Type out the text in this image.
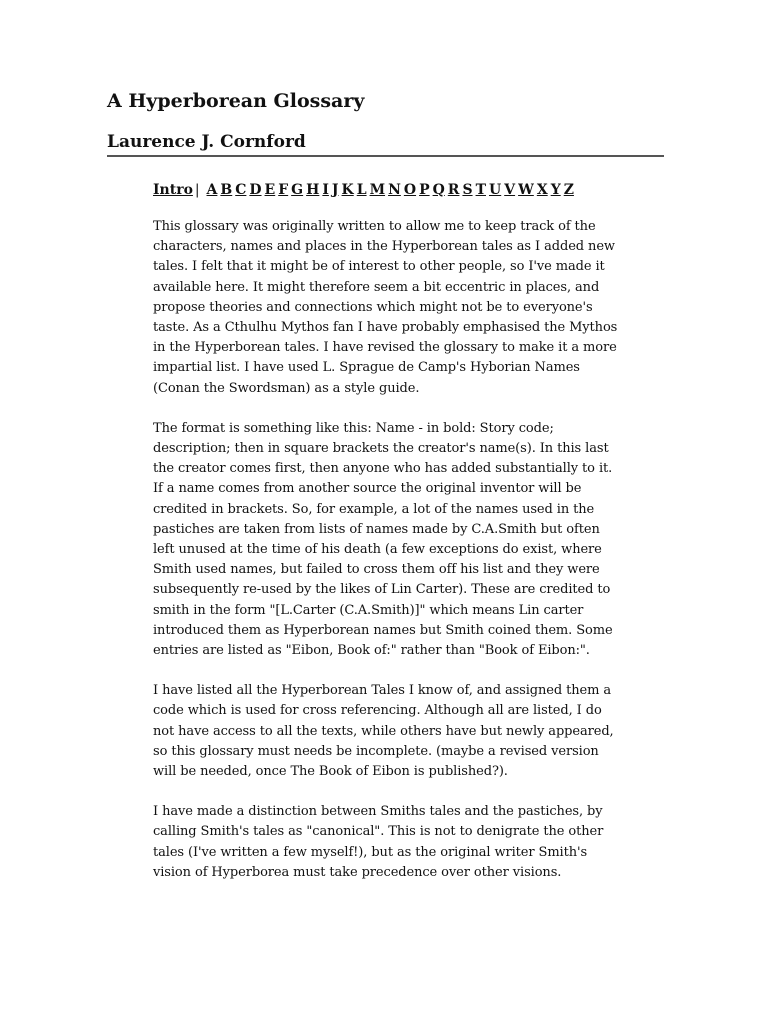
A Hyperborean Glossary
Laurence J. Cornford
Intro | A B C D E F G H I J K L M N O P Q R S T U V W X Y Z

This glossary was originally written to allow me to keep track of the characters, names and places in the Hyperborean tales as I added new tales. I felt that it might be of interest to other people, so I've made it available here. It might therefore seem a bit eccentric in places, and propose theories and connections which might not be to everyone's taste. As a Cthulhu Mythos fan I have probably emphasised the Mythos in the Hyperborean tales. I have revised the glossary to make it a more impartial list. I have used L. Sprague de Camp's Hyborian Names (Conan the Swordsman) as a style guide.

The format is something like this: Name - in bold: Story code; description; then in square brackets the creator's name(s). In this last the creator comes first, then anyone who has added substantially to it. If a name comes from another source the original inventor will be credited in brackets. So, for example, a lot of the names used in the pastiches are taken from lists of names made by C.A.Smith but often left unused at the time of his death (a few exceptions do exist, where Smith used names, but failed to cross them off his list and they were subsequently re-used by the likes of Lin Carter). These are credited to smith in the form "[L.Carter (C.A.Smith)]" which means Lin carter introduced them as Hyperborean names but Smith coined them. Some entries are listed as "Eibon, Book of:" rather than "Book of Eibon:".

I have listed all the Hyperborean Tales I know of, and assigned them a code which is used for cross referencing. Although all are listed, I do not have access to all the texts, while others have but newly appeared, so this glossary must needs be incomplete. (maybe a revised version will be needed, once The Book of Eibon is published?).

I have made a distinction between Smiths tales and the pastiches, by calling Smith's tales as "canonical". This is not to denigrate the other tales (I've written a few myself!), but as the original writer Smith's vision of Hyperborea must take precedence over other visions.
